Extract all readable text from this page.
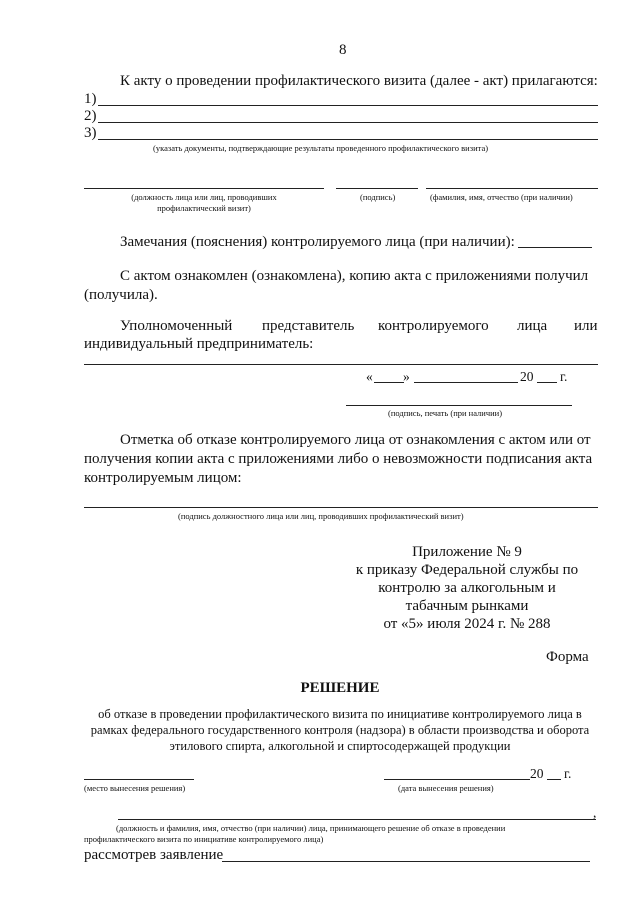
8
К акту о проведении профилактического визита (далее - акт) прилагаются:
1)
2)
3)
(указать документы, подтверждающие результаты проведенного профилактического визита)
(должность лица или лиц, проводивших
профилактический визит)
(подпись)	(фамилия, имя, отчество (при наличии)
Замечания (пояснения) контролируемого лица (при наличии):
С актом ознакомлен (ознакомлена), копию акта с приложениями получил
(получила).
Уполномоченный представитель контролируемого лица или
индивидуальный предприниматель:
« »	20 г.
(подпись, печать (при наличии)
Отметка об отказе контролируемого лица от ознакомления с актом или от
получения копии акта с приложениями либо о невозможности подписания акта
контролируемым лицом:
(подпись должностного лица или лиц, проводивших профилактический визит)
Приложение № 9
к приказу Федеральной службы по
контролю за алкогольным и
табачным рынками
от «5» июля 2024 г. № 288
Форма
РЕШЕНИЕ
об отказе в проведении профилактического визита по инициативе контролируемого лица в
рамках федерального государственного контроля (надзора) в области производства и оборота
этилового спирта, алкогольной и спиртосодержащей продукции
(место вынесения решения)
20 г.
(дата вынесения решения)
,
(должность и фамилия, имя, отчество (при наличии) лица, принимающего решение об отказе в проведении
профилактического визита по инициативе контролируемого лица)
рассмотрев заявление
